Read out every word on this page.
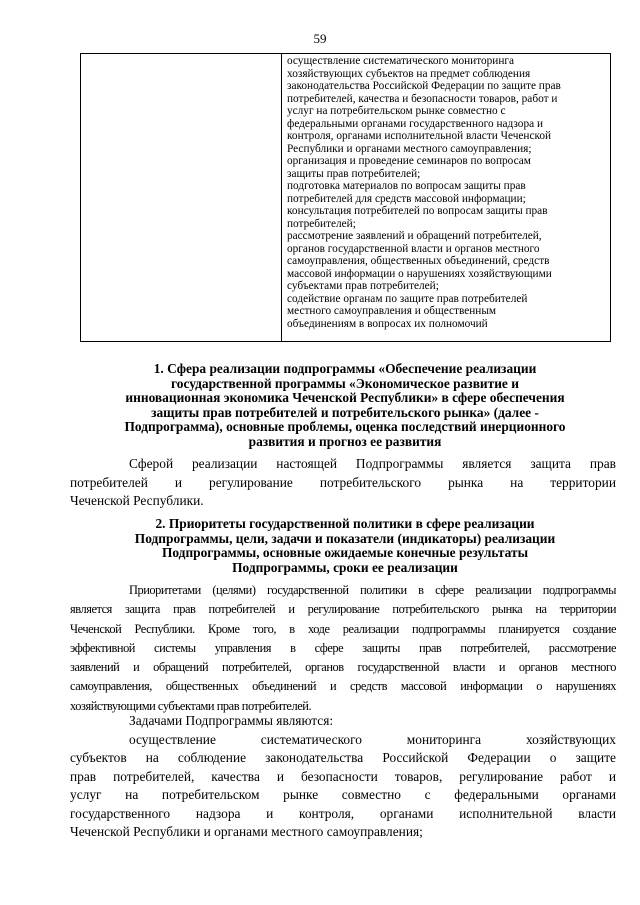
59
осуществление систематического мониторинга
хозяйствующих субъектов на предмет соблюдения
законодательства Российской Федерации по защите прав
потребителей, качества и безопасности товаров, работ и
услуг на потребительском рынке совместно с
федеральными органами государственного надзора и
контроля, органами исполнительной власти Чеченской
Республики и органами местного самоуправления;
организация и проведение семинаров по вопросам
защиты прав потребителей;
подготовка материалов по вопросам защиты прав
потребителей для средств массовой информации;
консультация потребителей по вопросам защиты прав
потребителей;
рассмотрение заявлений и обращений потребителей,
органов государственной власти и органов местного
самоуправления, общественных объединений, средств
массовой информации о нарушениях хозяйствующими
субъектами прав потребителей;
содействие органам по защите прав потребителей
местного самоуправления и общественным
объединениям в вопросах их полномочий
1. Сфера реализации подпрограммы «Обеспечение реализации
государственной программы «Экономическое развитие и
инновационная экономика Чеченской Республики» в сфере обеспечения
защиты прав потребителей и потребительского рынка» (далее -
Подпрограмма), основные проблемы, оценка последствий инерционного
развития и прогноз ее развития
Сферой реализации настоящей Подпрограммы является защита прав
потребителей и регулирование потребительского рынка на территории
Чеченской Республики.
2. Приоритеты государственной политики в сфере реализации
Подпрограммы, цели, задачи и показатели (индикаторы) реализации
Подпрограммы, основные ожидаемые конечные результаты
Подпрограммы, сроки ее реализации
Приоритетами (целями) государственной политики в сфере реализации подпрограммы
является защита прав потребителей и регулирование потребительского рынка на территории
Чеченской Республики. Кроме того, в ходе реализации подпрограммы планируется создание
эффективной системы управления в сфере защиты прав потребителей, рассмотрение
заявлений и обращений потребителей, органов государственной власти и органов местного
самоуправления, общественных объединений и средств массовой информации о нарушениях
хозяйствующими субъектами прав потребителей.
Задачами Подпрограммы являются:
осуществление систематического мониторинга хозяйствующих
субъектов на соблюдение законодательства Российской Федерации о защите
прав потребителей, качества и безопасности товаров, регулирование работ и
услуг на потребительском рынке совместно с федеральными органами
государственного надзора и контроля, органами исполнительной власти
Чеченской Республики и органами местного самоуправления;
